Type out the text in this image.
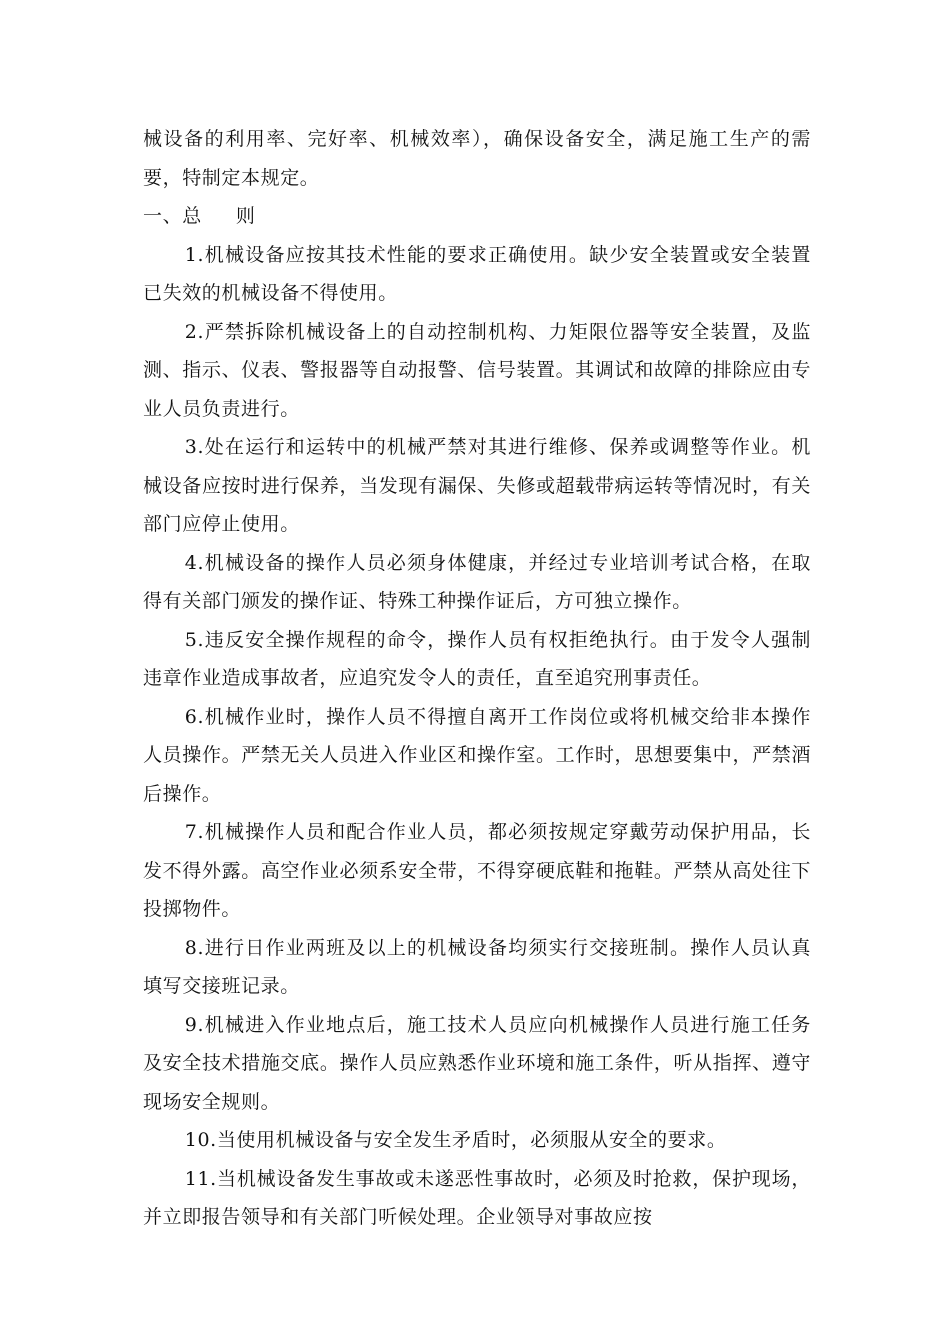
械设备的利用率、完好率、机械效率），确保设备安全，满足施工生产的需要，特制定本规定。

一、总 则

1.机械设备应按其技术性能的要求正确使用。缺少安全装置或安全装置已失效的机械设备不得使用。

2.严禁拆除机械设备上的自动控制机构、力矩限位器等安全装置，及监测、指示、仪表、警报器等自动报警、信号装置。其调试和故障的排除应由专业人员负责进行。

3.处在运行和运转中的机械严禁对其进行维修、保养或调整等作业。机械设备应按时进行保养，当发现有漏保、失修或超载带病运转等情况时，有关部门应停止使用。

4.机械设备的操作人员必须身体健康，并经过专业培训考试合格，在取得有关部门颁发的操作证、特殊工种操作证后，方可独立操作。

5.违反安全操作规程的命令，操作人员有权拒绝执行。由于发令人强制违章作业造成事故者，应追究发令人的责任，直至追究刑事责任。

6.机械作业时，操作人员不得擅自离开工作岗位或将机械交给非本操作人员操作。严禁无关人员进入作业区和操作室。工作时，思想要集中，严禁酒后操作。

7.机械操作人员和配合作业人员，都必须按规定穿戴劳动保护用品，长发不得外露。高空作业必须系安全带，不得穿硬底鞋和拖鞋。严禁从高处往下投掷物件。

8.进行日作业两班及以上的机械设备均须实行交接班制。操作人员认真填写交接班记录。

9.机械进入作业地点后，施工技术人员应向机械操作人员进行施工任务及安全技术措施交底。操作人员应熟悉作业环境和施工条件，听从指挥、遵守现场安全规则。

10.当使用机械设备与安全发生矛盾时，必须服从安全的要求。

11.当机械设备发生事故或未遂恶性事故时，必须及时抢救，保护现场，并立即报告领导和有关部门听候处理。企业领导对事故应按
